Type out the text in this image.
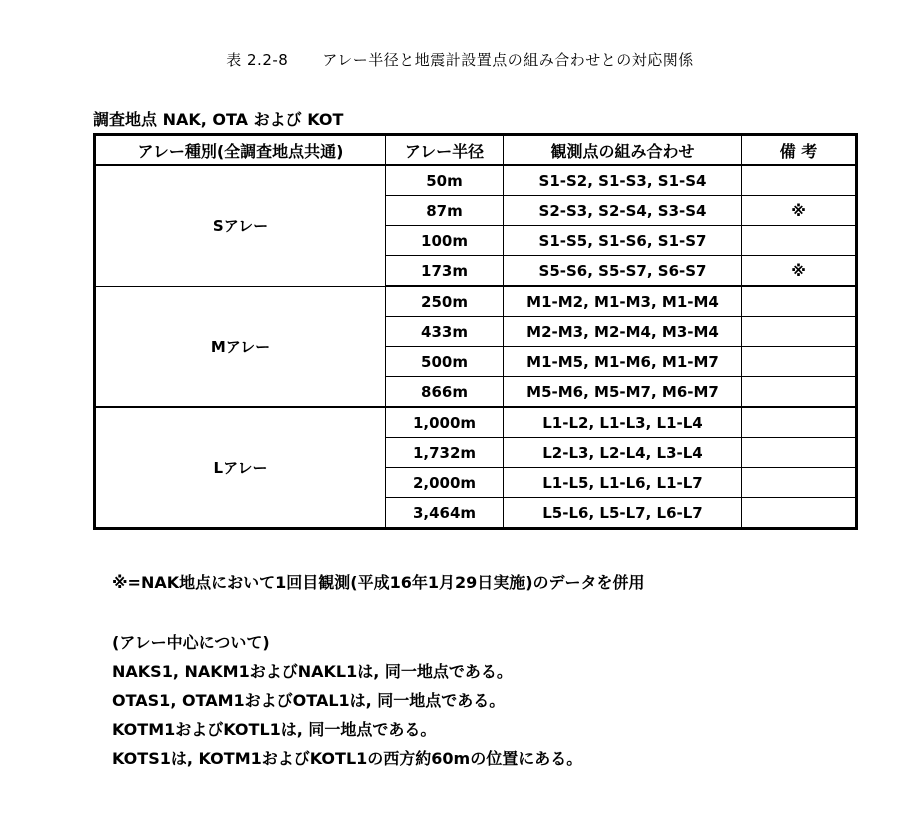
表 2.2-8 アレー半径と地震計設置点の組み合わせとの対応関係
調査地点 NAK, OTA および KOT
アレー種別(全調査地点共通)	アレー半径	観測点の組み合わせ	備 考
Sアレー	50m	S1-S2, S1-S3, S1-S4	
	87m	S2-S3, S2-S4, S3-S4	※
	100m	S1-S5, S1-S6, S1-S7	
	173m	S5-S6, S5-S7, S6-S7	※
Mアレー	250m	M1-M2, M1-M3, M1-M4	
	433m	M2-M3, M2-M4, M3-M4	
	500m	M1-M5, M1-M6, M1-M7	
	866m	M5-M6, M5-M7, M6-M7	
Lアレー	1,000m	L1-L2, L1-L3, L1-L4	
	1,732m	L2-L3, L2-L4, L3-L4	
	2,000m	L1-L5, L1-L6, L1-L7	
	3,464m	L5-L6, L5-L7, L6-L7	
※=NAK地点において1回目観測(平成16年1月29日実施)のデータを併用
(アレー中心について)
NAKS1, NAKM1およびNAKL1は, 同一地点である。
OTAS1, OTAM1およびOTAL1は, 同一地点である。
KOTM1およびKOTL1は, 同一地点である。
KOTS1は, KOTM1およびKOTL1の西方約60mの位置にある。
